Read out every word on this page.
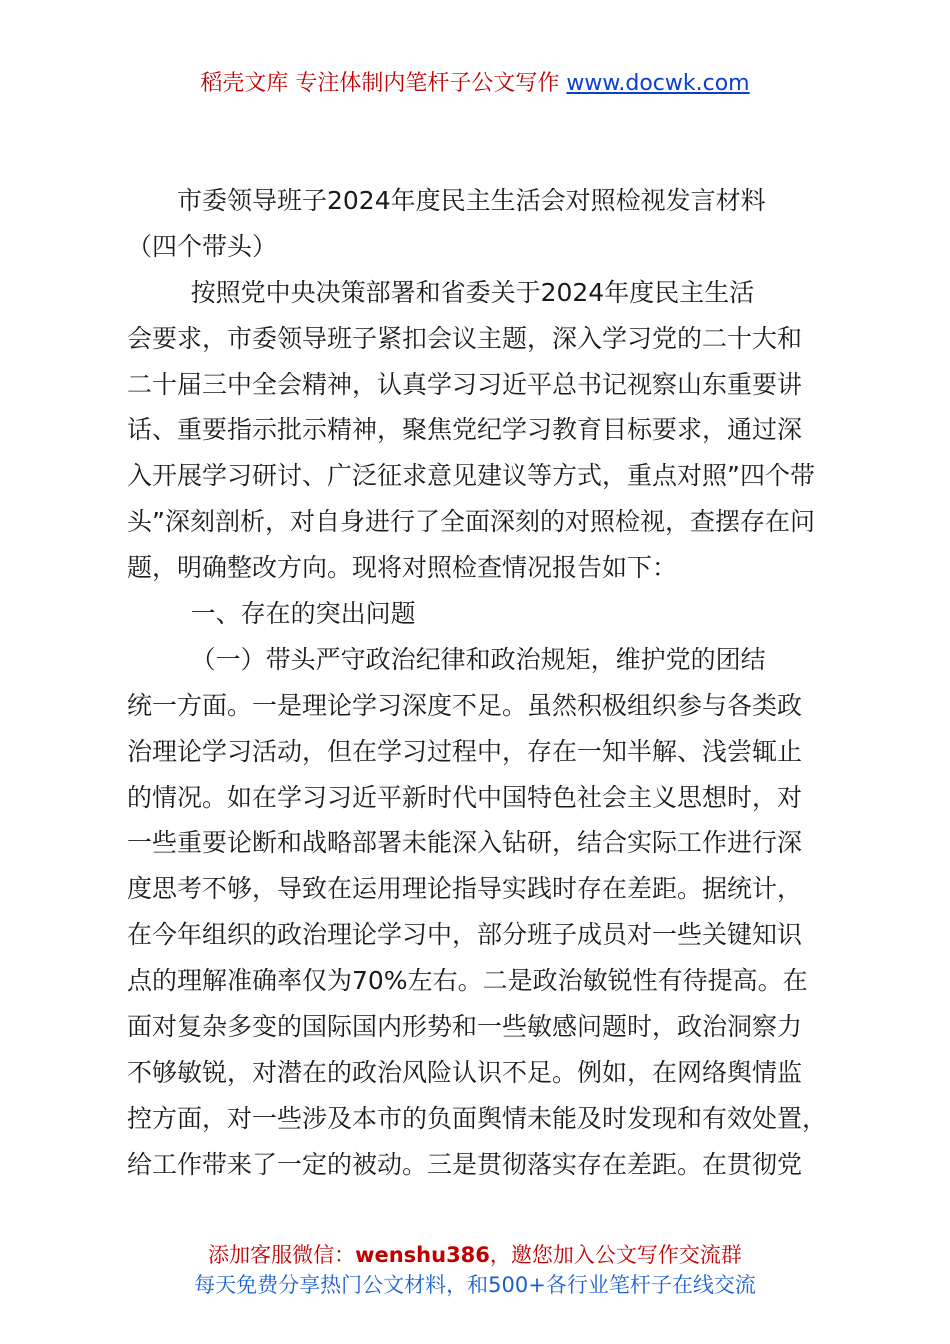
稻壳文库 专注体制内笔杆子公文写作 www.docwk.com
市委领导班子2024年度民主生活会对照检视发言材料
（四个带头）
按照党中央决策部署和省委关于2024年度民主生活
会要求，市委领导班子紧扣会议主题，深入学习党的二十大和
二十届三中全会精神，认真学习习近平总书记视察山东重要讲
话、重要指示批示精神，聚焦党纪学习教育目标要求，通过深
入开展学习研讨、广泛征求意见建议等方式，重点对照”四个带
头”深刻剖析，对自身进行了全面深刻的对照检视，查摆存在问
题，明确整改方向。现将对照检查情况报告如下：
一、存在的突出问题
（一）带头严守政治纪律和政治规矩，维护党的团结
统一方面。一是理论学习深度不足。虽然积极组织参与各类政
治理论学习活动，但在学习过程中，存在一知半解、浅尝辄止
的情况。如在学习习近平新时代中国特色社会主义思想时，对
一些重要论断和战略部署未能深入钻研，结合实际工作进行深
度思考不够，导致在运用理论指导实践时存在差距。据统计，
在今年组织的政治理论学习中，部分班子成员对一些关键知识
点的理解准确率仅为70%左右。二是政治敏锐性有待提高。在
面对复杂多变的国际国内形势和一些敏感问题时，政治洞察力
不够敏锐，对潜在的政治风险认识不足。例如，在网络舆情监
控方面，对一些涉及本市的负面舆情未能及时发现和有效处置，
给工作带来了一定的被动。三是贯彻落实存在差距。在贯彻党
添加客服微信：wenshu386，邀您加入公文写作交流群
每天免费分享热门公文材料，和500+各行业笔杆子在线交流
